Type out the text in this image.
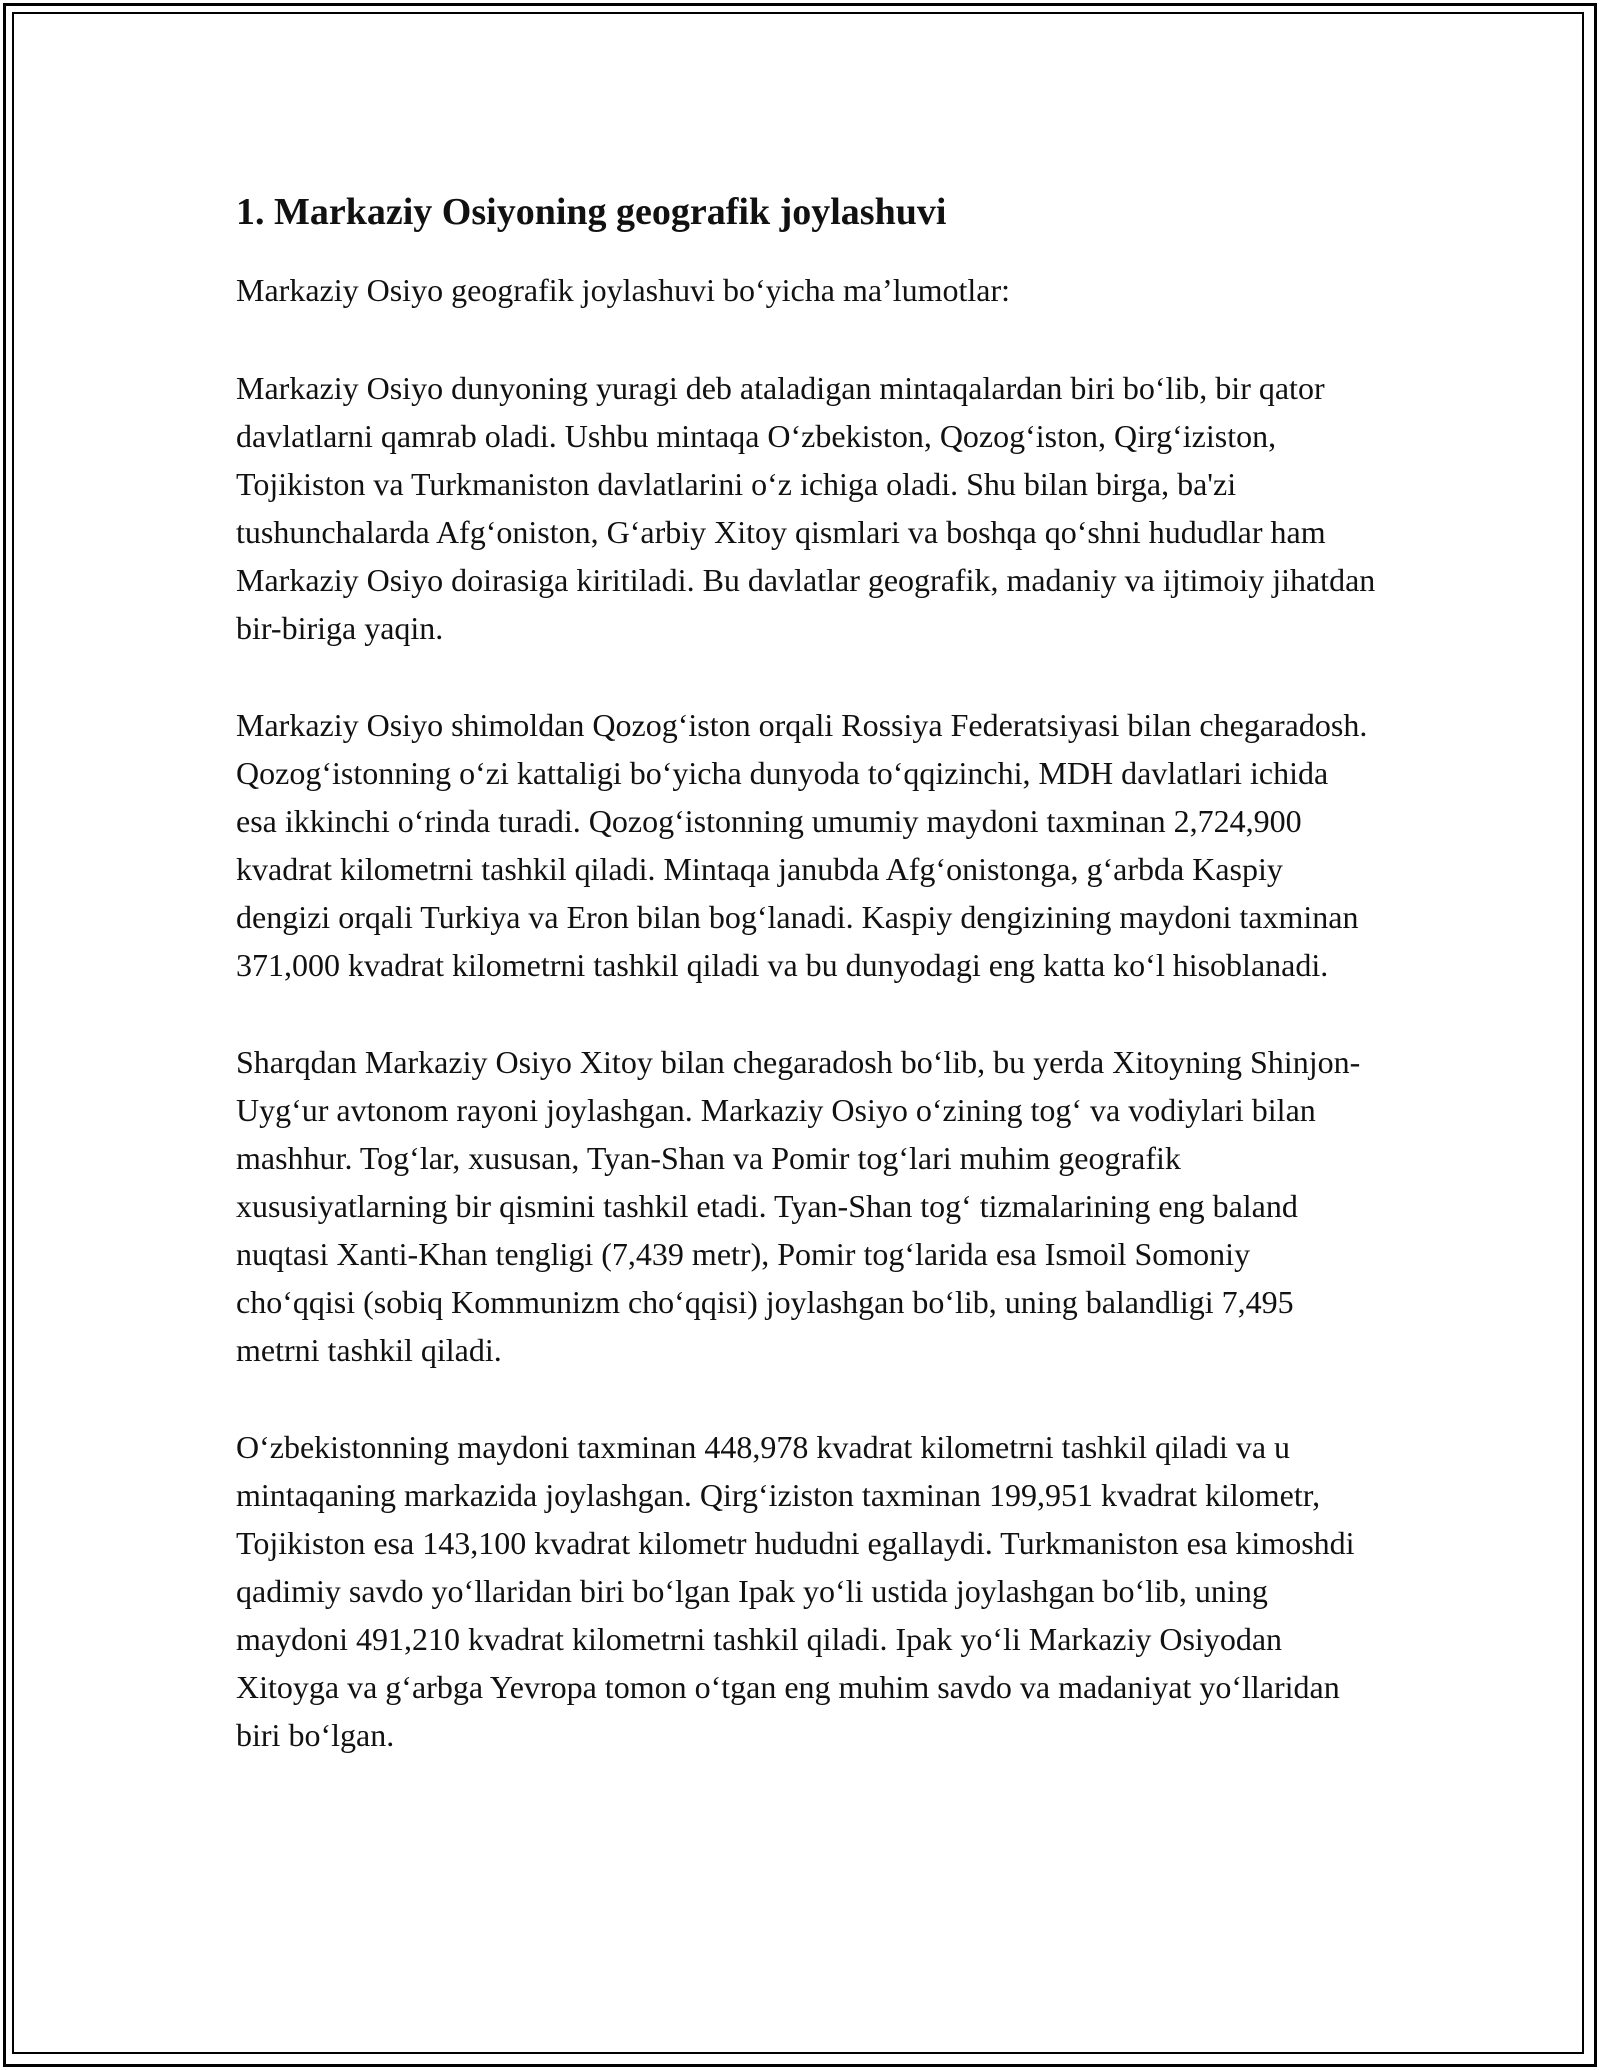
1. Markaziy Osiyoning geografik joylashuvi

Markaziy Osiyo geografik joylashuvi bo‘yicha ma’lumotlar:

Markaziy Osiyo dunyoning yuragi deb ataladigan mintaqalardan biri bo‘lib, bir qator davlatlarni qamrab oladi. Ushbu mintaqa O‘zbekiston, Qozog‘iston, Qirg‘iziston, Tojikiston va Turkmaniston davlatlarini o‘z ichiga oladi. Shu bilan birga, ba'zi tushunchalarda Afg‘oniston, G‘arbiy Xitoy qismlari va boshqa qo‘shni hududlar ham Markaziy Osiyo doirasiga kiritiladi. Bu davlatlar geografik, madaniy va ijtimoiy jihatdan bir-biriga yaqin.

Markaziy Osiyo shimoldan Qozog‘iston orqali Rossiya Federatsiyasi bilan chegaradosh. Qozog‘istonning o‘zi kattaligi bo‘yicha dunyoda to‘qqizinchi, MDH davlatlari ichida esa ikkinchi o‘rinda turadi. Qozog‘istonning umumiy maydoni taxminan 2,724,900 kvadrat kilometrni tashkil qiladi. Mintaqa janubda Afg‘onistonga, g‘arbda Kaspiy dengizi orqali Turkiya va Eron bilan bog‘lanadi. Kaspiy dengizining maydoni taxminan 371,000 kvadrat kilometrni tashkil qiladi va bu dunyodagi eng katta ko‘l hisoblanadi.

Sharqdan Markaziy Osiyo Xitoy bilan chegaradosh bo‘lib, bu yerda Xitoyning Shinjon-Uyg‘ur avtonom rayoni joylashgan. Markaziy Osiyo o‘zining tog‘ va vodiylari bilan mashhur. Tog‘lar, xususan, Tyan-Shan va Pomir tog‘lari muhim geografik xususiyatlarning bir qismini tashkil etadi. Tyan-Shan tog‘ tizmalarining eng baland nuqtasi Xanti-Khan tengligi (7,439 metr), Pomir tog‘larida esa Ismoil Somoniy cho‘qqisi (sobiq Kommunizm cho‘qqisi) joylashgan bo‘lib, uning balandligi 7,495 metrni tashkil qiladi.

O‘zbekistonning maydoni taxminan 448,978 kvadrat kilometrni tashkil qiladi va u mintaqaning markazida joylashgan. Qirg‘iziston taxminan 199,951 kvadrat kilometr, Tojikiston esa 143,100 kvadrat kilometr hududni egallaydi. Turkmaniston esa kimoshdi qadimiy savdo yo‘llaridan biri bo‘lgan Ipak yo‘li ustida joylashgan bo‘lib, uning maydoni 491,210 kvadrat kilometrni tashkil qiladi. Ipak yo‘li Markaziy Osiyodan Xitoyga va g‘arbga Yevropa tomon o‘tgan eng muhim savdo va madaniyat yo‘llaridan biri bo‘lgan.
